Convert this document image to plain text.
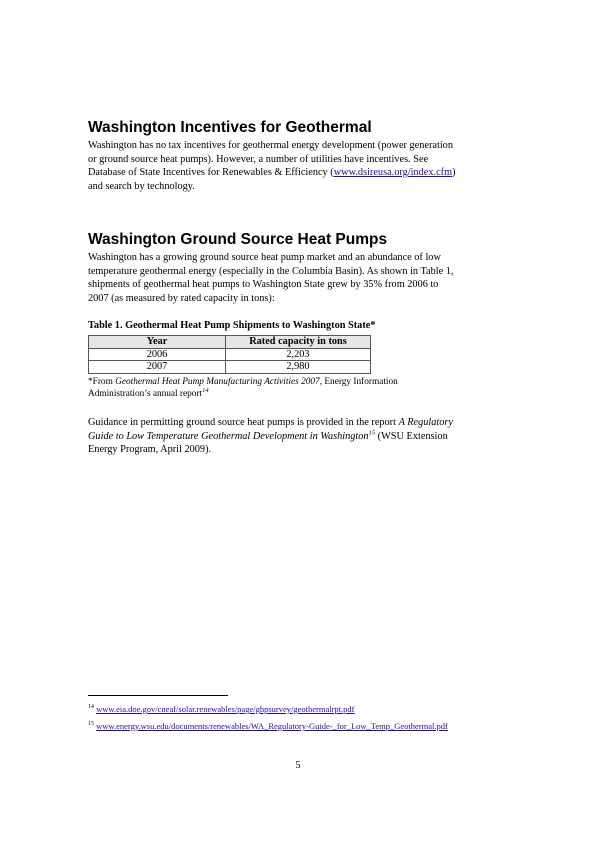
Washington Incentives for Geothermal

Washington has no tax incentives for geothermal energy development (power generation
or ground source heat pumps). However, a number of utilities have incentives. See
Database of State Incentives for Renewables & Efficiency (www.dsireusa.org/index.cfm)
and search by technology.

Washington Ground Source Heat Pumps

Washington has a growing ground source heat pump market and an abundance of low
temperature geothermal energy (especially in the Columbia Basin). As shown in Table 1,
shipments of geothermal heat pumps to Washington State grew by 35% from 2006 to
2007 (as measured by rated capacity in tons):

Table 1. Geothermal Heat Pump Shipments to Washington State*

Year	Rated capacity in tons
2006	2,203
2007	2,980

*From Geothermal Heat Pump Manufacturing Activities 2007, Energy Information
Administration’s annual report$^{14}$

Guidance in permitting ground source heat pumps is provided in the report A Regulatory
Guide to Low Temperature Geothermal Development in Washington$^{15}$ (WSU Extension
Energy Program, April 2009).

$^{14}$ www.eia.doe.gov/cneaf/solar.renewables/page/ghpsurvey/geothermalrpt.pdf

$^{15}$ www.energy.wsu.edu/documents/renewables/WA_Regulatory-Guide-_for_Low_Temp_Geothermal.pdf

5
